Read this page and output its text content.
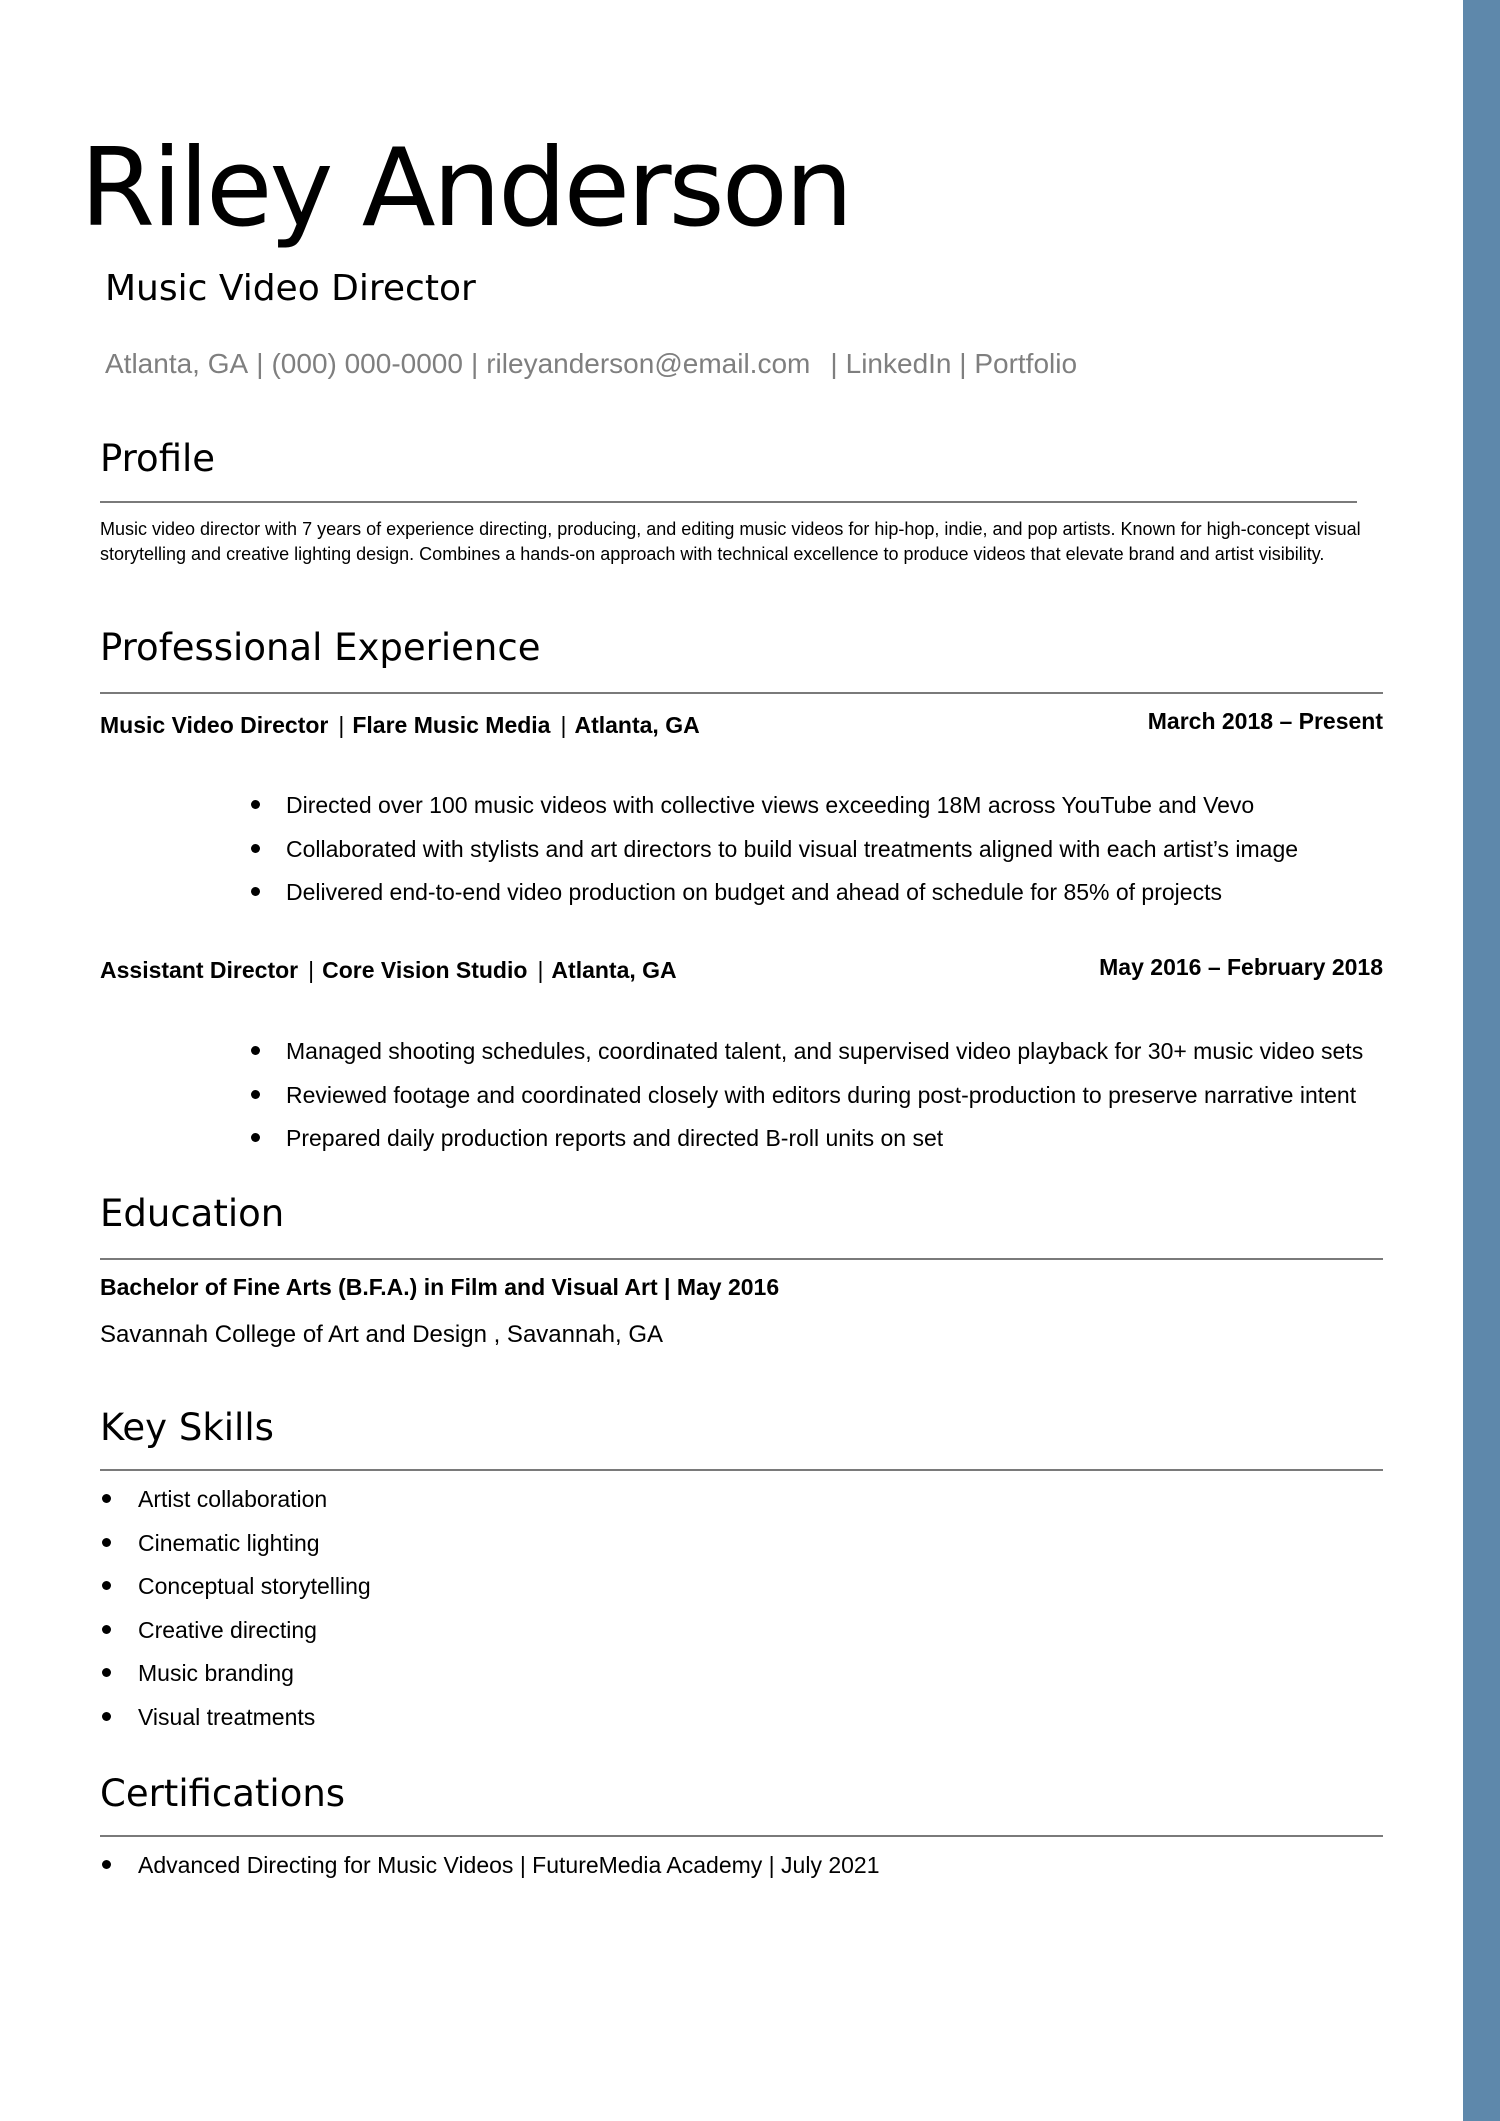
Riley Anderson
Music Video Director
Atlanta, GA | (000) 000-0000 | rileyanderson@email.com | LinkedIn | Portfolio
Profile
Music video director with 7 years of experience directing, producing, and editing music videos for hip-hop, indie, and pop artists. Known for high-concept visual storytelling and creative lighting design. Combines a hands-on approach with technical excellence to produce videos that elevate brand and artist visibility.
Professional Experience
Music Video Director | Flare Music Media | Atlanta, GA	March 2018 – Present
Directed over 100 music videos with collective views exceeding 18M across YouTube and Vevo
Collaborated with stylists and art directors to build visual treatments aligned with each artist’s image
Delivered end-to-end video production on budget and ahead of schedule for 85% of projects
Assistant Director | Core Vision Studio | Atlanta, GA	May 2016 – February 2018
Managed shooting schedules, coordinated talent, and supervised video playback for 30+ music video sets
Reviewed footage and coordinated closely with editors during post-production to preserve narrative intent
Prepared daily production reports and directed B-roll units on set
Education
Bachelor of Fine Arts (B.F.A.) in Film and Visual Art | May 2016
Savannah College of Art and Design , Savannah, GA
Key Skills
Artist collaboration
Cinematic lighting
Conceptual storytelling
Creative directing
Music branding
Visual treatments
Certifications
Advanced Directing for Music Videos | FutureMedia Academy | July 2021
